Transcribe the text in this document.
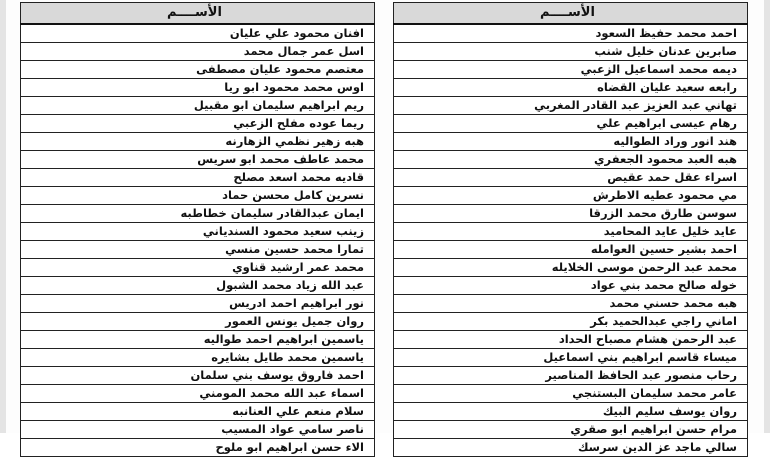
الأســــم
احمد محمد حفيظ السعود
صابرين عدنان خليل شنب
ديمه محمد اسماعيل الزعبي
رابعه سعيد عليان القضاه
تهاني عبد العزيز عبد القادر المغربي
رهام عيسى ابراهيم علي
هند انور وراد الطواليه
هبه العبد محمود الجعفري
اسراء عقل حمد عقيص
مي محمود عطيه الاطرش
سوسن طارق محمد الزرقا
عايد خليل عايد المحاميد
احمد بشير حسين العوامله
محمد عبد الرحمن موسى الخلايله
خوله صالح محمد بني عواد
هبه محمد حسني محمد
اماني راجي عبدالحميد بكر
عبد الرحمن هشام مصباح الحداد
ميساء قاسم ابراهيم بني اسماعيل
رحاب منصور عبد الحافظ المناصير
عامر محمد سليمان البستنجي
روان يوسف سليم البيك
مرام حسن ابراهيم ابو صقري
سالي ماجد عز الدين سرسك
الأســــم
افنان محمود علي عليان
اسل عمر جمال محمد
معتصم محمود عليان مصطفى
اوس محمد محمود ابو ريا
ريم ابراهيم سليمان ابو مقبيل
ريما عوده مفلح الزعبي
هبه زهير نظمي الزهارنه
محمد عاطف محمد ابو سريس
قاديه محمد اسعد مصلح
نسرين كامل محسن حماد
ايمان عبدالقادر سليمان خطاطبه
زينب سعيد محمود السندياني
تمارا محمد حسين منسي
محمد عمر ارشيد قناوي
عبد الله زياد محمد الشبول
نور ابراهيم احمد ادريس
روان جميل يونس العمور
ياسمين ابراهيم احمد طواليه
ياسمين محمد طايل بشايره
احمد فاروق يوسف بني سلمان
اسماء عبد الله محمد المومني
سلام منعم علي العنانبه
ناصر سامي عواد المسيب
الاء حسن ابراهيم ابو ملوح
